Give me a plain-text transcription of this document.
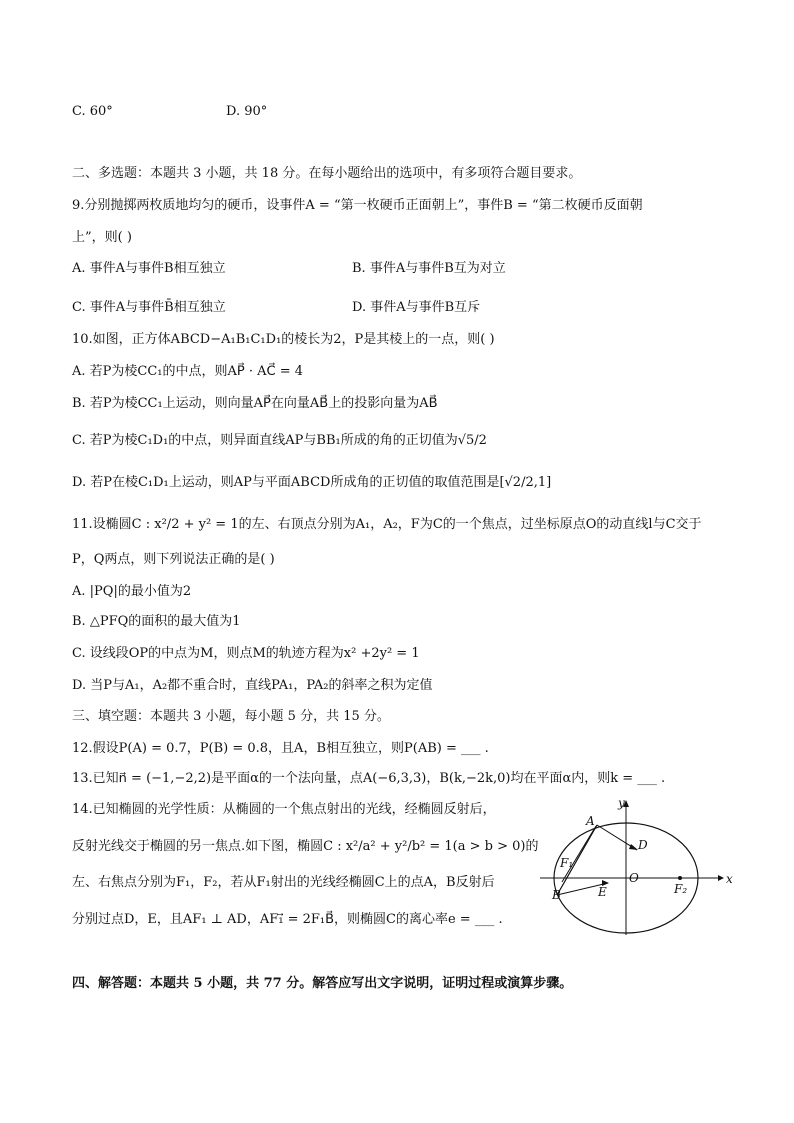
C. 60°	D. 90°
二、多选题：本题共 3 小题，共 18 分。在每小题给出的选项中，有多项符合题目要求。
9.分别抛掷两枚质地均匀的硬币，设事件A = “第一枚硬币正面朝上”，事件B = “第二枚硬币反面朝
上”，则( )
A. 事件A与事件B相互独立	B. 事件A与事件B互为对立
C. 事件A与事件B̄相互独立	D. 事件A与事件B互斥
10.如图，正方体ABCD−A₁B₁C₁D₁的棱长为2，P是其棱上的一点，则( )
A. 若P为棱CC₁的中点，则AP⃗ · AC⃗ = 4
B. 若P为棱CC₁上运动，则向量AP⃗在向量AB⃗上的投影向量为AB⃗
C. 若P为棱C₁D₁的中点，则异面直线AP与BB₁所成的角的正切值为√5/2
D. 若P在棱C₁D₁上运动，则AP与平面ABCD所成角的正切值的取值范围是[√2/2,1]
11.设椭圆C : x²/2 + y² = 1的左、右顶点分别为A₁，A₂，F为C的一个焦点，过坐标原点O的动直线l与C交于
P，Q两点，则下列说法正确的是( )
A. |PQ|的最小值为2
B. △PFQ的面积的最大值为1
C. 设线段OP的中点为M，则点M的轨迹方程为x² +2y² = 1
D. 当P与A₁，A₂都不重合时，直线PA₁，PA₂的斜率之积为定值
三、填空题：本题共 3 小题，每小题 5 分，共 15 分。
12.假设P(A) = 0.7，P(B) = 0.8，且A，B相互独立，则P(AB) = ___ .
13.已知n⃗ = (−1,−2,2)是平面α的一个法向量，点A(−6,3,3)，B(k,−2k,0)均在平面α内，则k = ___ .
14.已知椭圆的光学性质：从椭圆的一个焦点射出的光线，经椭圆反射后，
反射光线交于椭圆的另一焦点.如下图，椭圆C : x²/a² + y²/b² = 1(a > b > 0)的
左、右焦点分别为F₁，F₂，若从F₁射出的光线经椭圆C上的点A，B反射后
分别过点D，E，且AF₁ ⊥ AD，AF₁⃗ = 2F₁B⃗，则椭圆C的离心率e = ___ .
y
x
A
B
D
E
O
F₁
F₂
四、解答题：本题共 5 小题，共 77 分。解答应写出文字说明，证明过程或演算步骤。
